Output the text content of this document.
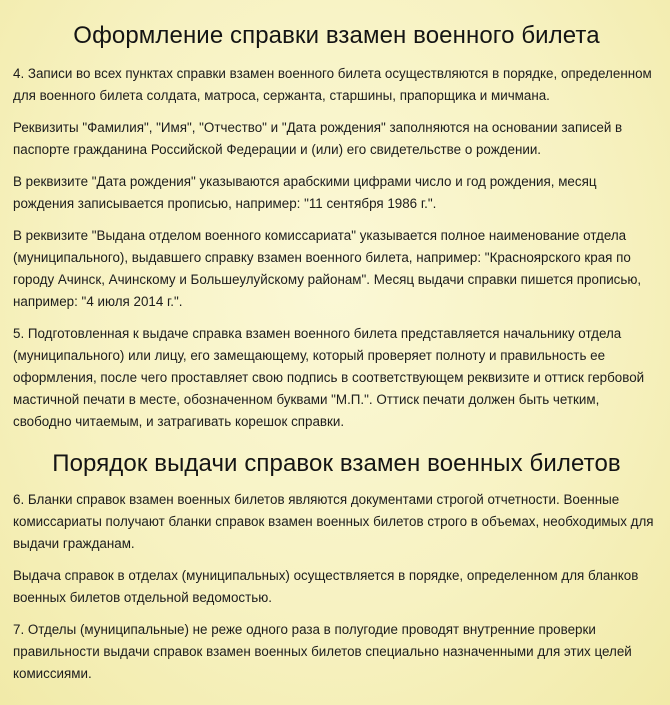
Оформление справки взамен военного билета

4. Записи во всех пунктах справки взамен военного билета осуществляются в порядке, определенном для военного билета солдата, матроса, сержанта, старшины, прапорщика и мичмана.

Реквизиты "Фамилия", "Имя", "Отчество" и "Дата рождения" заполняются на основании записей в паспорте гражданина Российской Федерации и (или) его свидетельстве о рождении.

В реквизите "Дата рождения" указываются арабскими цифрами число и год рождения, месяц рождения записывается прописью, например: "11 сентября 1986 г.".

В реквизите "Выдана отделом военного комиссариата" указывается полное наименование отдела (муниципального), выдавшего справку взамен военного билета, например: "Красноярского края по городу Ачинск, Ачинскому и Большеулуйскому районам". Месяц выдачи справки пишется прописью, например: "4 июля 2014 г.".

5. Подготовленная к выдаче справка взамен военного билета представляется начальнику отдела (муниципального) или лицу, его замещающему, который проверяет полноту и правильность ее оформления, после чего проставляет свою подпись в соответствующем реквизите и оттиск гербовой мастичной печати в месте, обозначенном буквами "М.П.". Оттиск печати должен быть четким, свободно читаемым, и затрагивать корешок справки.

Порядок выдачи справок взамен военных билетов

6. Бланки справок взамен военных билетов являются документами строгой отчетности. Военные комиссариаты получают бланки справок взамен военных билетов строго в объемах, необходимых для выдачи гражданам.

Выдача справок в отделах (муниципальных) осуществляется в порядке, определенном для бланков военных билетов отдельной ведомостью.

7. Отделы (муниципальные) не реже одного раза в полугодие проводят внутренние проверки правильности выдачи справок взамен военных билетов специально назначенными для этих целей комиссиями.
